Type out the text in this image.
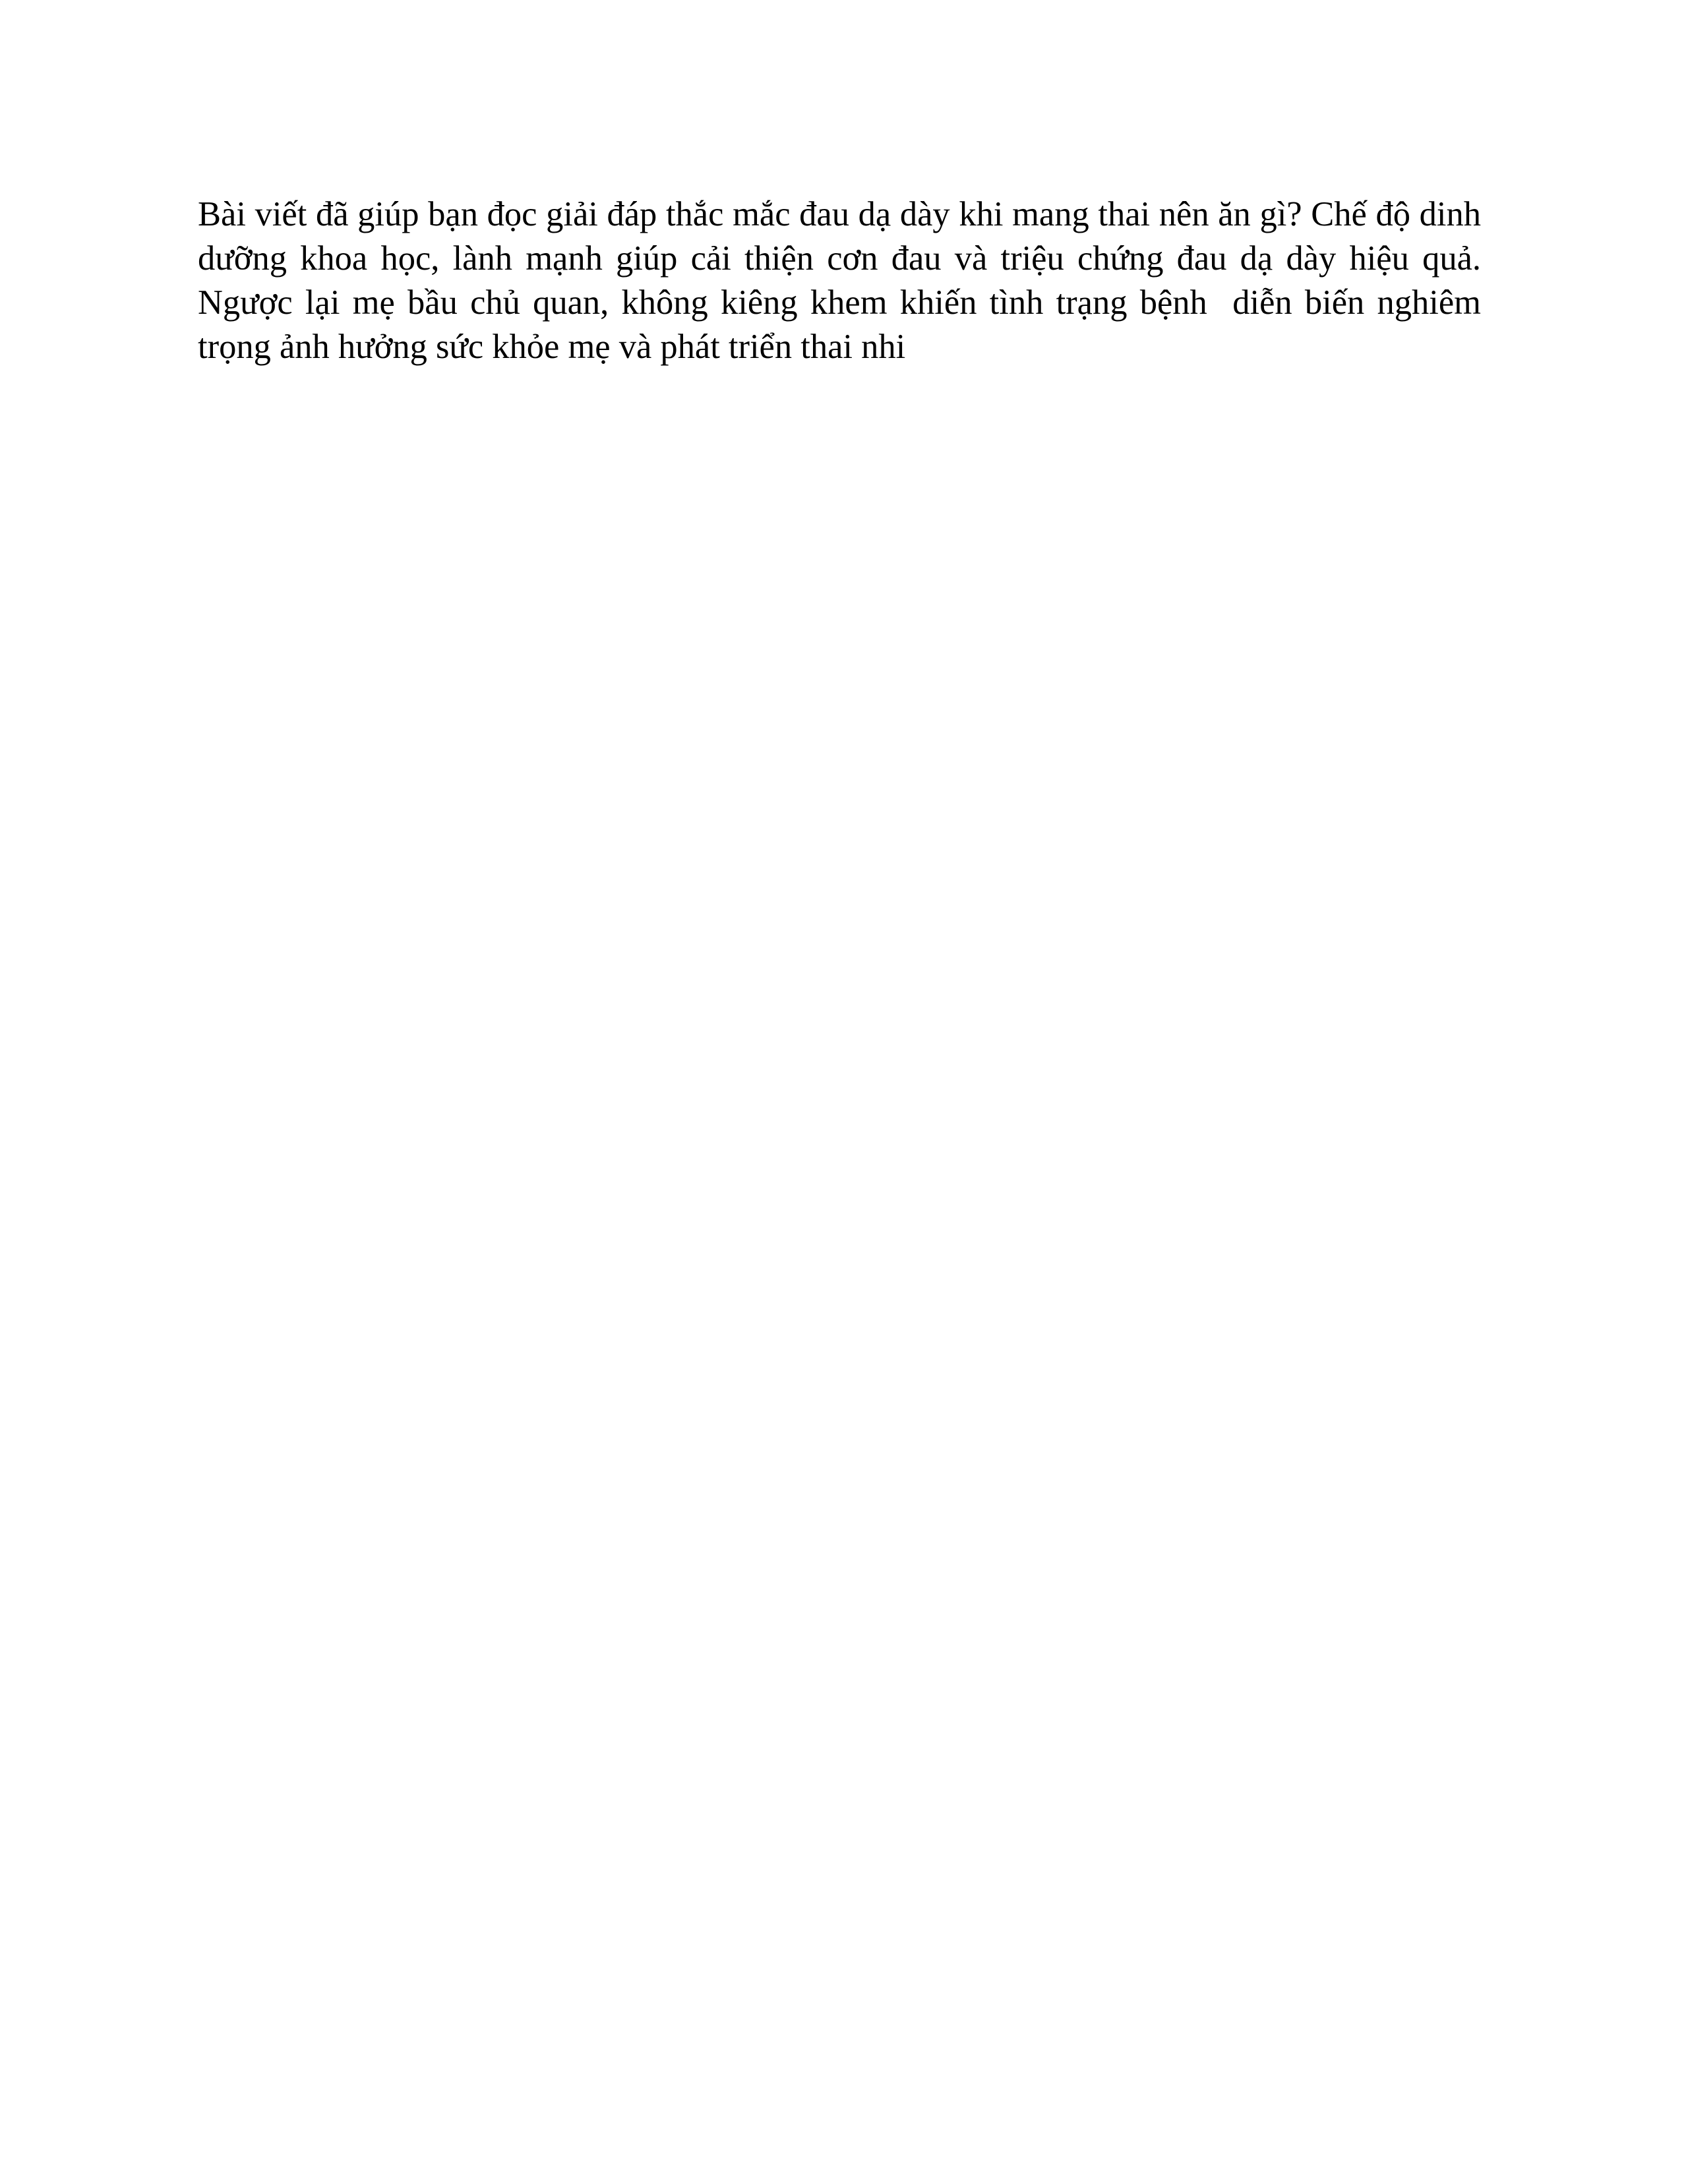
Bài viết đã giúp bạn đọc giải đáp thắc mắc đau dạ dày khi mang thai nên ăn gì? Chế độ dinh dưỡng khoa học, lành mạnh giúp cải thiện cơn đau và triệu chứng đau dạ dày hiệu quả. Ngược lại mẹ bầu chủ quan, không kiêng khem khiến tình trạng bệnh  diễn biến nghiêm trọng ảnh hưởng sức khỏe mẹ và phát triển thai nhi
